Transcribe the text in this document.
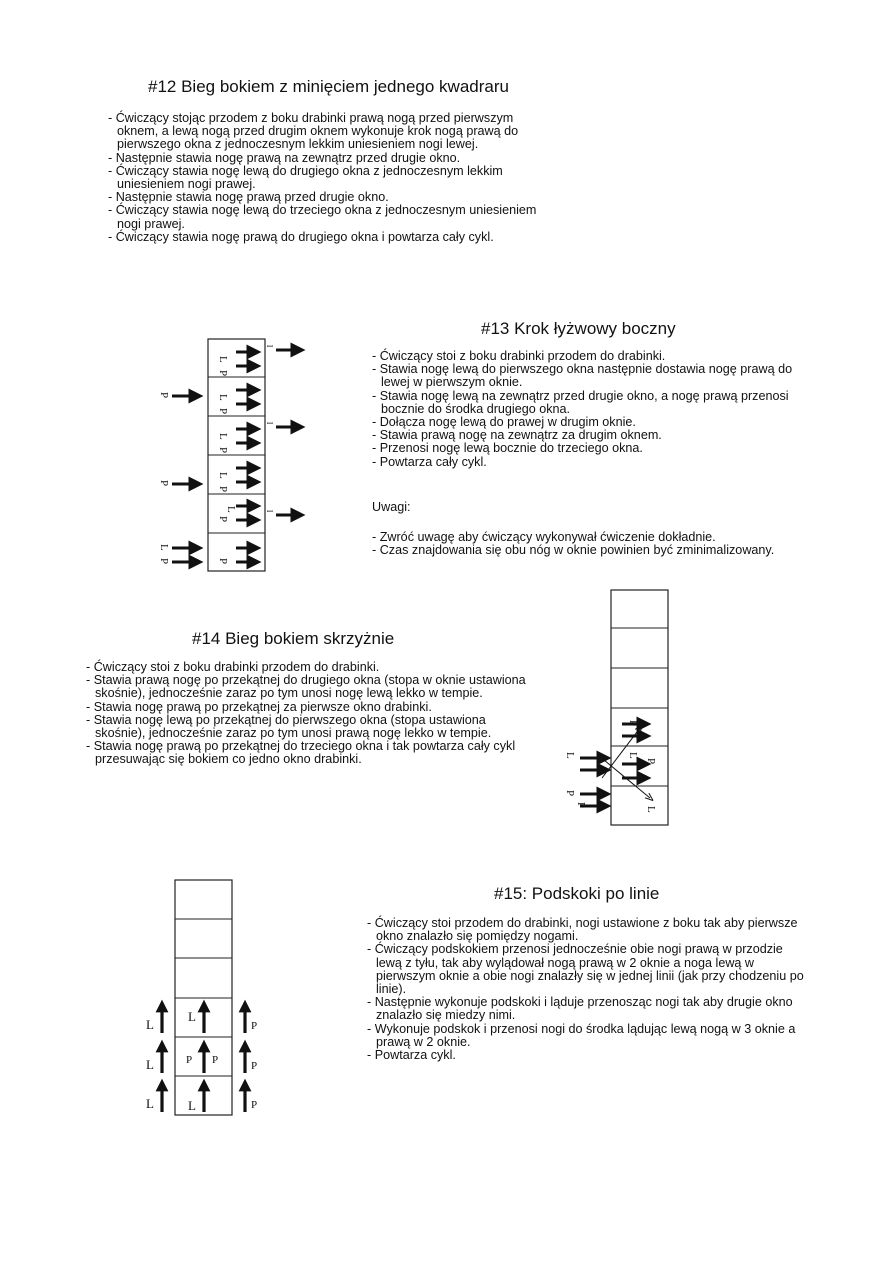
#12 Bieg bokiem z minięciem jednego kwadraru
- Ćwiczący stojąc przodem z boku drabinki prawą nogą przed pierwszym oknem, a lewą nogą przed drugim oknem wykonuje krok nogą prawą do pierwszego okna z jednoczesnym lekkim uniesieniem nogi lewej.
- Następnie stawia nogę prawą na zewnątrz przed drugie okno.
- Ćwiczący stawia nogę lewą do drugiego okna z jednoczesnym lekkim uniesieniem nogi prawej.
- Następnie stawia nogę prawą przed drugie okno.
- Ćwiczący stawia nogę lewą do trzeciego okna z jednoczesnym uniesieniem nogi prawej.
- Ćwiczący stawia nogę prawą do drugiego okna i powtarza cały cykl.
#13 Krok łyżwowy boczny
- Ćwiczący stoi z boku drabinki przodem do drabinki.
- Stawia nogę lewą do pierwszego okna następnie dostawia nogę prawą do lewej w pierwszym oknie.
- Stawia nogę lewą na zewnątrz przed drugie okno, a nogę prawą przenosi bocznie do środka drugiego okna.
- Dołącza nogę lewą do prawej w drugim oknie.
- Stawia prawą nogę na zewnątrz za drugim oknem.
- Przenosi nogę lewą bocznie do trzeciego okna.
- Powtarza cały cykl.
Uwagi:
- Zwróć uwagę aby ćwiczący wykonywał ćwiczenie dokładnie.
- Czas znajdowania się obu nóg w oknie powinien być zminimalizowany.
L
P
L
P
L
P
L
P
L
P
P
P
P
L
P
l
l
l
#14 Bieg bokiem skrzyżnie
- Ćwiczący stoi z boku drabinki przodem do drabinki.
- Stawia prawą nogę po przekątnej do drugiego okna (stopa w oknie ustawiona skośnie), jednocześnie zaraz po tym unosi nogę lewą lekko w tempie.
- Stawia nogę prawą po przekątnej za pierwsze okno drabinki.
- Stawia nogę lewą po przekątnej do pierwszego okna (stopa ustawiona skośnie), jednocześnie zaraz po tym unosi prawą nogę lekko w tempie.
- Stawia nogę prawą po przekątnej do trzeciego okna i tak powtarza cały cykl przesuwając się bokiem co jedno okno drabinki.
P
L
P
L
L
P
P
#15: Podskoki po linie
- Ćwiczący stoi przodem do drabinki, nogi ustawione z boku tak aby pierwsze okno znalazło się pomiędzy nogami.
- Ćwiczący podskokiem przenosi jednocześnie obie nogi prawą w przodzie lewą z tyłu, tak aby wylądował nogą prawą w 2 oknie a noga lewą w pierwszym oknie a obie nogi znalazły się w jednej linii (jak przy chodzeniu po linie).
- Następnie wykonuje podskoki i ląduje przenosząc nogi tak aby drugie okno znalazło się miedzy nimi.
- Wykonuje podskok i przenosi nogi do środka lądując lewą nogą w 3 oknie a prawą w 2 oknie.
- Powtarza cykl.
L
L
L
L
L
P P
P
P
P
